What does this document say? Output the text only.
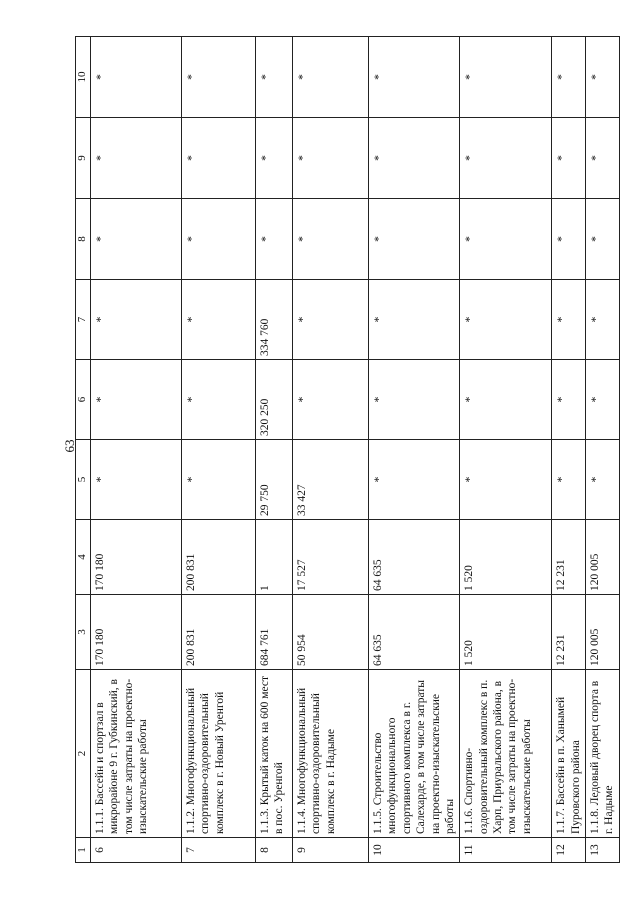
63
1	2	3	4	5	6	7	8	9	10
6	1.1.1. Бассейн и спортзал в микрорайоне 9 г. Губкинский, в том числе затраты на проектно-изыскательские работы	170 180	170 180	*	*	*	*	*	*
7	1.1.2. Многофункциональный спортивно-оздоровительный комплекс в г. Новый Уренгой	200 831	200 831	*	*	*	*	*	*
8	1.1.3. Крытый каток на 600 мест в пос. Уренгой	684 761	1	29 750	320 250	334 760	*	*	*
9	1.1.4. Многофункциональный спортивно-оздоровительный комплекс в г. Надыме	50 954	17 527	33 427	*	*	*	*	*
10	1.1.5. Строительство многофункционального спортивного комплекса в г. Салехарде, в том числе затраты на проектно-изыскательские работы	64 635	64 635	*	*	*	*	*	*
11	1.1.6. Спортивно-оздоровительный комплекс в п. Харп, Приуральского района, в том числе затраты на проектно-изыскательские работы	1 520	1 520	*	*	*	*	*	*
12	1.1.7. Бассейн в п. Ханымей Пуровского района	12 231	12 231	*	*	*	*	*	*
13	1.1.8. Ледовый дворец спорта в г. Надыме	120 005	120 005	*	*	*	*	*	*
